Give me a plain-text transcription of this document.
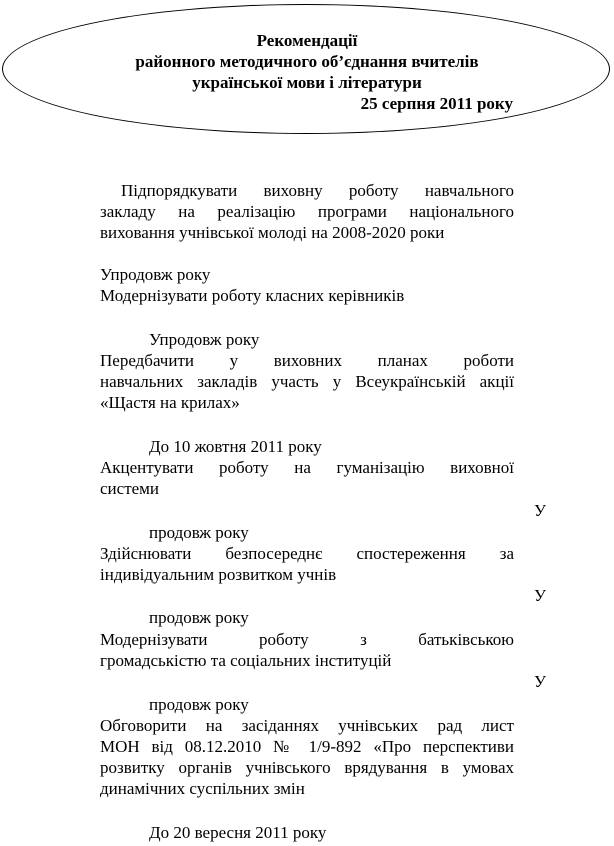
Рекомендації
районного методичного об’єднання вчителів
української мови і літератури
25 серпня 2011 року
Підпорядкувати виховну роботу навчального
закладу на реалізацію програми національного
виховання учнівської молоді на 2008-2020 роки
Упродовж року
Модернізувати роботу класних керівників
Упродовж року
Передбачити у виховних планах роботи
навчальних закладів участь у Всеукраїнській акції
«Щастя на крилах»
До 10 жовтня 2011 року
Акцентувати роботу на гуманізацію виховної
системи
У
продовж року
Здійснювати безпосереднє спостереження за
індивідуальним розвитком учнів
У
продовж року
Модернізувати роботу з батьківською
громадськістю та соціальних інституцій
У
продовж року
Обговорити на засіданнях учнівських рад лист
МОН від 08.12.2010 № 1/9-892 «Про перспективи
розвитку органів учнівського врядування в умовах
динамічних суспільних змін
До 20 вересня 2011 року
